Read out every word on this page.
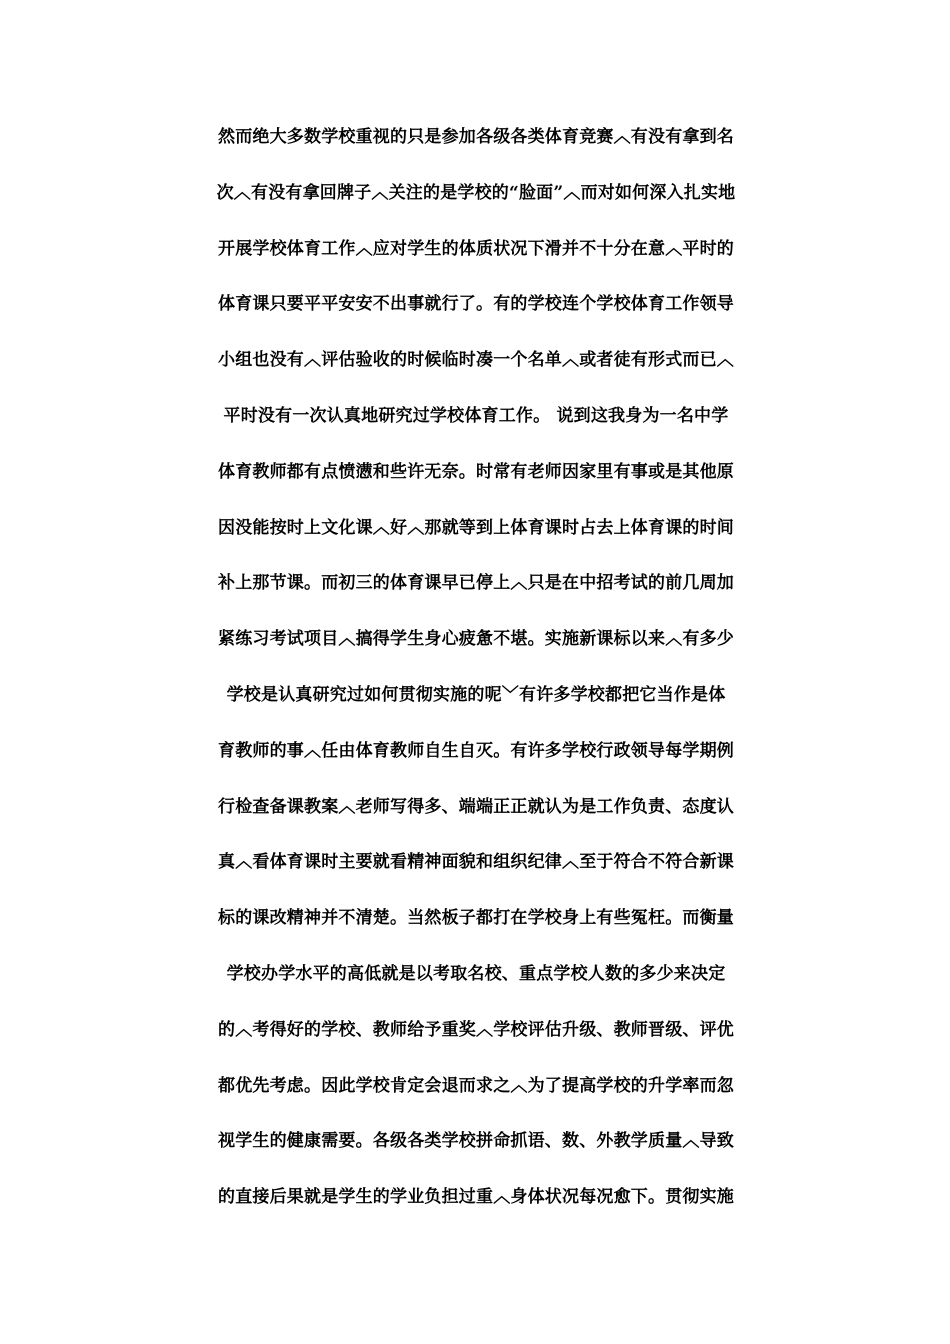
然而绝大多数学校重视的只是参加各级各类体育竞赛︿有没有拿到名
次︿有没有拿回牌子︿关注的是学校的“脸面”︿而对如何深入扎实地
开展学校体育工作︿应对学生的体质状况下滑并不十分在意︿平时的
体育课只要平平安安不出事就行了。有的学校连个学校体育工作领导
小组也没有︿评估验收的时候临时凑一个名单︿或者徒有形式而已︿
平时没有一次认真地研究过学校体育工作。 说到这我身为一名中学
体育教师都有点愤懑和些许无奈。时常有老师因家里有事或是其他原
因没能按时上文化课︿好︿那就等到上体育课时占去上体育课的时间
补上那节课。而初三的体育课早已停上︿只是在中招考试的前几周加
紧练习考试项目︿搞得学生身心疲惫不堪。实施新课标以来︿有多少
学校是认真研究过如何贯彻实施的呢﹀有许多学校都把它当作是体
育教师的事︿任由体育教师自生自灭。有许多学校行政领导每学期例
行检查备课教案︿老师写得多、端端正正就认为是工作负责、态度认
真︿看体育课时主要就看精神面貌和组织纪律︿至于符合不符合新课
标的课改精神并不清楚。当然板子都打在学校身上有些冤枉。而衡量
学校办学水平的高低就是以考取名校、重点学校人数的多少来决定
的︿考得好的学校、教师给予重奖︿学校评估升级、教师晋级、评优
都优先考虑。因此学校肯定会退而求之︿为了提高学校的升学率而忽
视学生的健康需要。各级各类学校拼命抓语、数、外教学质量︿导致
的直接后果就是学生的学业负担过重︿身体状况每况愈下。贯彻实施
